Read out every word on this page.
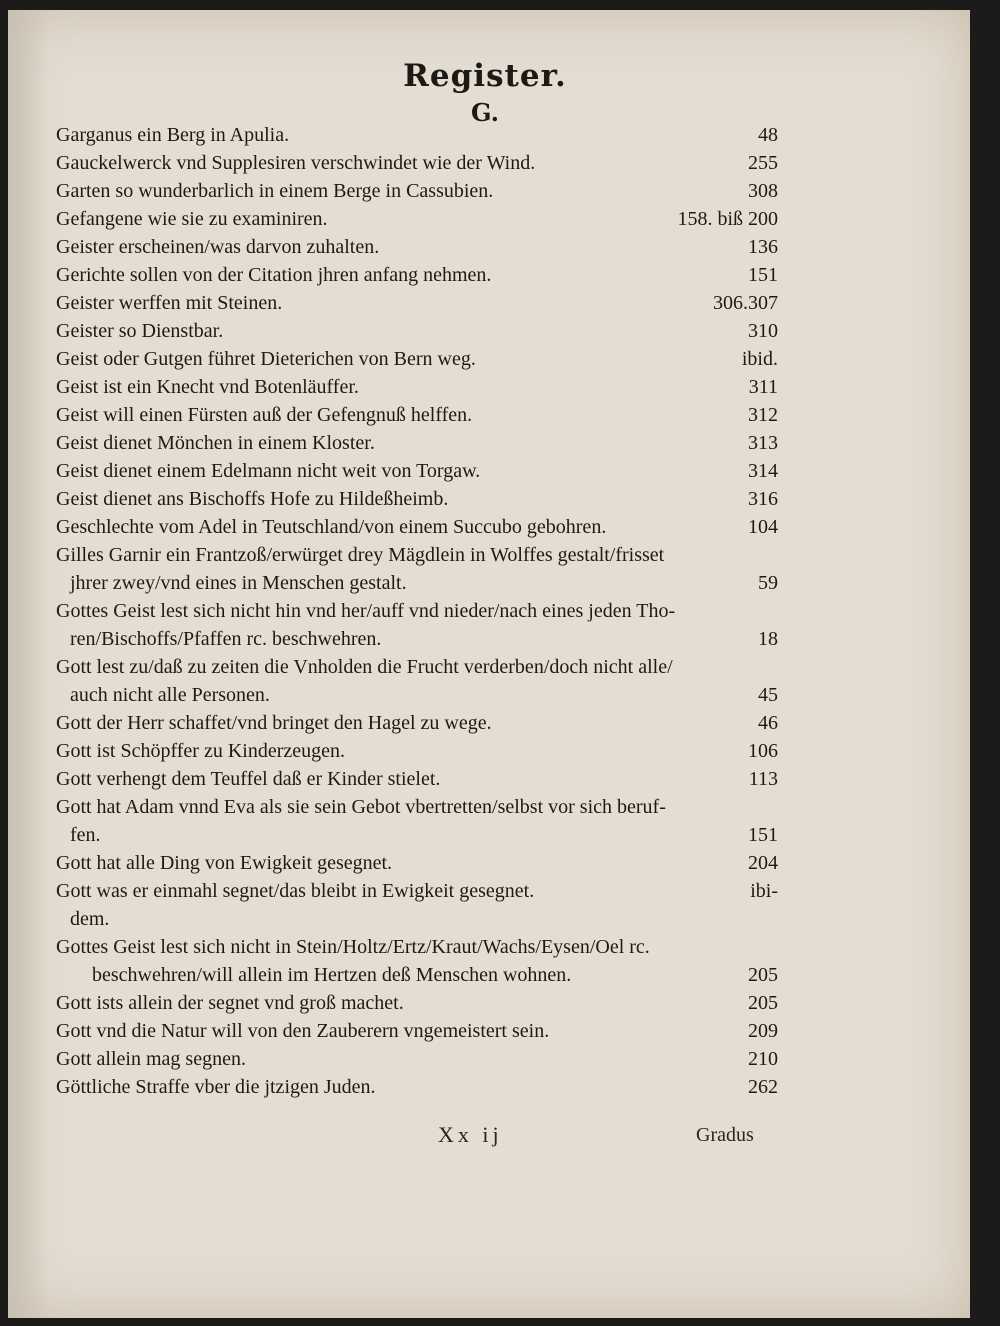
Register.
G.
Garganus ein Berg in Apulia.	48
Gauckelwerck vnd Supplesiren verschwindet wie der Wind.	255
Garten so wunderbarlich in einem Berge in Cassubien.	308
Gefangene wie sie zu examiniren.	158. biß 200
Geister erscheinen/was darvon zuhalten.	136
Gerichte sollen von der Citation jhren anfang nehmen.	151
Geister werffen mit Steinen.	306.307
Geister so Dienstbar.	310
Geist oder Gutgen führet Dieterichen von Bern weg.	ibid.
Geist ist ein Knecht vnd Botenläuffer.	311
Geist will einen Fürsten auß der Gefengnuß helffen.	312
Geist dienet Mönchen in einem Kloster.	313
Geist dienet einem Edelmann nicht weit von Torgaw.	314
Geist dienet ans Bischoffs Hofe zu Hildeßheimb.	316
Geschlechte vom Adel in Teutschland/von einem Succubo gebohren.	104
Gilles Garnir ein Frantzoß/erwürget drey Mägdlein in Wolffes gestalt/frisset
jhrer zwey/vnd eines in Menschen gestalt.	59
Gottes Geist lest sich nicht hin vnd her/auff vnd nieder/nach eines jeden Tho-
ren/Bischoffs/Pfaffen rc. beschwehren.	18
Gott lest zu/daß zu zeiten die Vnholden die Frucht verderben/doch nicht alle/
auch nicht alle Personen.	45
Gott der Herr schaffet/vnd bringet den Hagel zu wege.	46
Gott ist Schöpffer zu Kinderzeugen.	106
Gott verhengt dem Teuffel daß er Kinder stielet.	113
Gott hat Adam vnnd Eva als sie sein Gebot vbertretten/selbst vor sich beruf-
fen.	151
Gott hat alle Ding von Ewigkeit gesegnet.	204
Gott was er einmahl segnet/das bleibt in Ewigkeit gesegnet.	ibi-
dem.
Gottes Geist lest sich nicht in Stein/Holtz/Ertz/Kraut/Wachs/Eysen/Oel rc.
beschwehren/will allein im Hertzen deß Menschen wohnen.	205
Gott ists allein der segnet vnd groß machet.	205
Gott vnd die Natur will von den Zauberern vngemeistert sein.	209
Gott allein mag segnen.	210
Göttliche Straffe vber die jtzigen Juden.	262
Xx ij	Gradus
